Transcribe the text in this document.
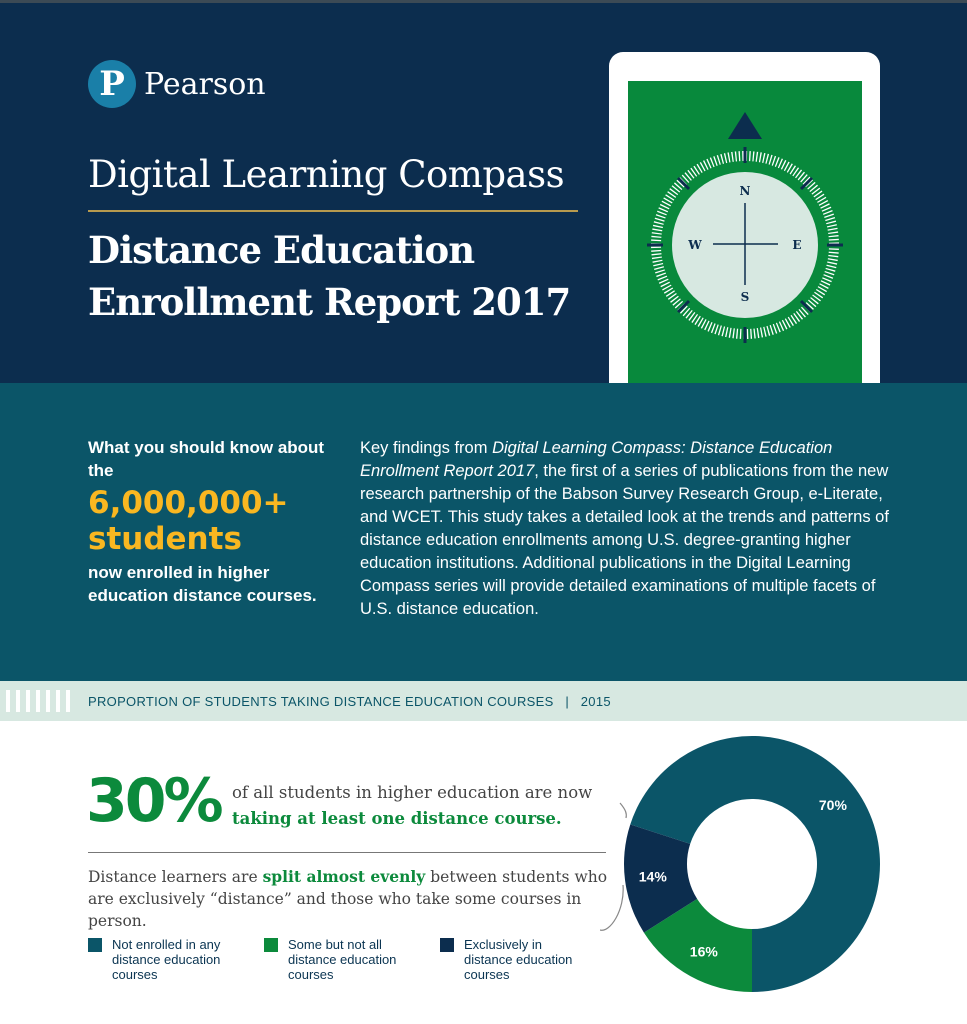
P Pearson
Digital Learning Compass
Distance Education
Enrollment Report 2017
N
E
S
W
What you should know about the
6,000,000+
students
now enrolled in higher education distance courses.
Key findings from Digital Learning Compass: Distance Education Enrollment Report 2017, the first of a series of publications from the new research partnership of the Babson Survey Research Group, e-Literate, and WCET. This study takes a detailed look at the trends and patterns of distance education enrollments among U.S. degree-granting higher education institutions. Additional publications in the Digital Learning Compass series will provide detailed examinations of multiple facets of U.S. distance education.
PROPORTION OF STUDENTS TAKING DISTANCE EDUCATION COURSES | 2015
30% of all students in higher education are now
taking at least one distance course.
Distance learners are split almost evenly between students who are exclusively “distance” and those who take some courses in person.
Not enrolled in any distance education courses
Some but not all distance education courses
Exclusively in distance education courses
70%
16%
14%
